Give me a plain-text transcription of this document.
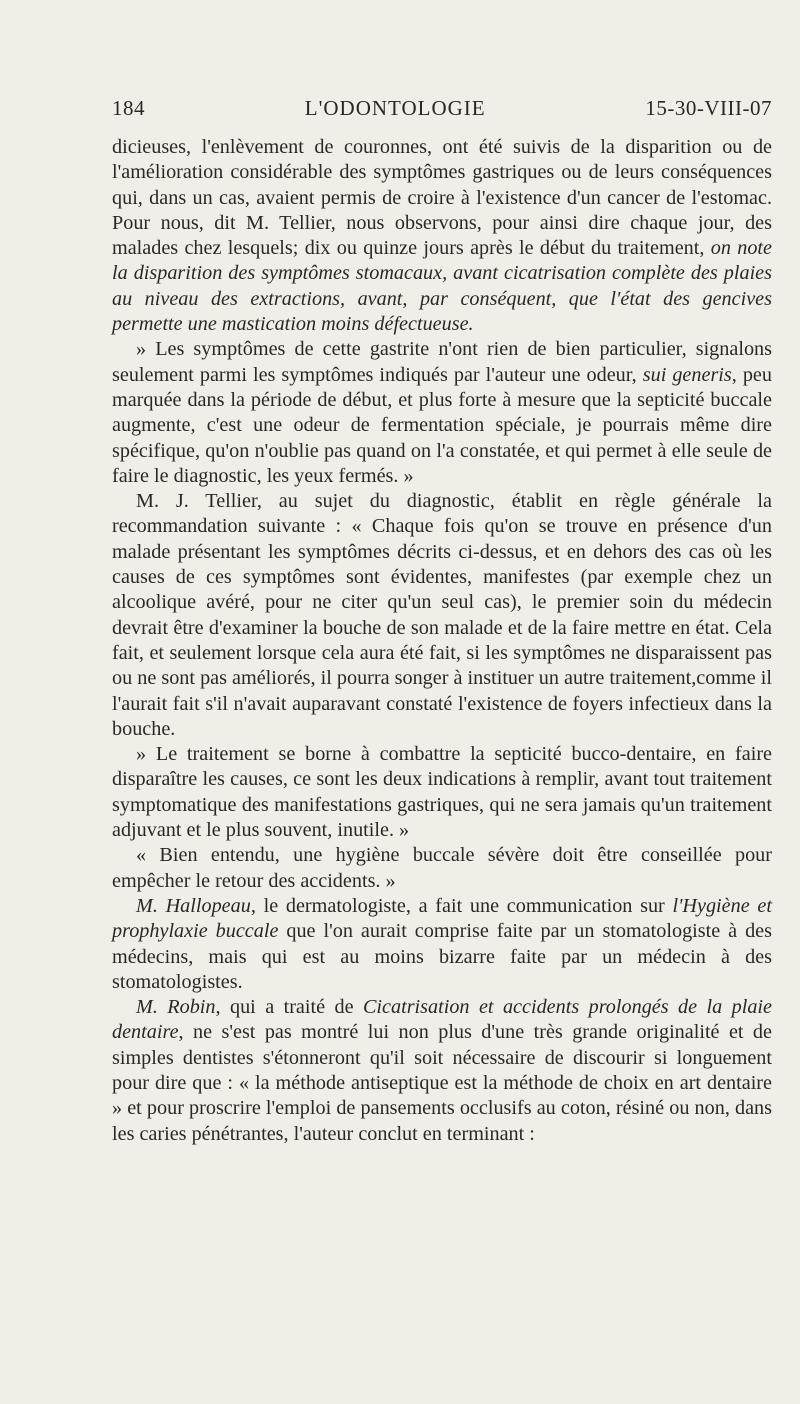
184	L'ODONTOLOGIE	15-30-VIII-07

dicieuses, l'enlèvement de couronnes, ont été suivis de la disparition ou de l'amélioration considérable des symptômes gastriques ou de leurs conséquences qui, dans un cas, avaient permis de croire à l'existence d'un cancer de l'estomac. Pour nous, dit M. Tellier, nous observons, pour ainsi dire chaque jour, des malades chez lesquels; dix ou quinze jours après le début du traitement, on note la disparition des symptômes stomacaux, avant cicatrisation complète des plaies au niveau des extractions, avant, par conséquent, que l'état des gencives permette une mastication moins défectueuse.

» Les symptômes de cette gastrite n'ont rien de bien particulier, signalons seulement parmi les symptômes indiqués par l'auteur une odeur, sui generis, peu marquée dans la période de début, et plus forte à mesure que la septicité buccale augmente, c'est une odeur de fermentation spéciale, je pourrais même dire spécifique, qu'on n'oublie pas quand on l'a constatée, et qui permet à elle seule de faire le diagnostic, les yeux fermés. »

M. J. Tellier, au sujet du diagnostic, établit en règle générale la recommandation suivante : « Chaque fois qu'on se trouve en présence d'un malade présentant les symptômes décrits ci-dessus, et en dehors des cas où les causes de ces symptômes sont évidentes, manifestes (par exemple chez un alcoolique avéré, pour ne citer qu'un seul cas), le premier soin du médecin devrait être d'examiner la bouche de son malade et de la faire mettre en état. Cela fait, et seulement lorsque cela aura été fait, si les symptômes ne disparaissent pas ou ne sont pas améliorés, il pourra songer à instituer un autre traitement,comme il l'aurait fait s'il n'avait auparavant constaté l'existence de foyers infectieux dans la bouche.

» Le traitement se borne à combattre la septicité bucco-dentaire, en faire disparaître les causes, ce sont les deux indications à remplir, avant tout traitement symptomatique des manifestations gastriques, qui ne sera jamais qu'un traitement adjuvant et le plus souvent, inutile. »

« Bien entendu, une hygiène buccale sévère doit être conseillée pour empêcher le retour des accidents. »

M. Hallopeau, le dermatologiste, a fait une communication sur l'Hygiène et prophylaxie buccale que l'on aurait comprise faite par un stomatologiste à des médecins, mais qui est au moins bizarre faite par un médecin à des stomatologistes.

M. Robin, qui a traité de Cicatrisation et accidents prolongés de la plaie dentaire, ne s'est pas montré lui non plus d'une très grande originalité et de simples dentistes s'étonneront qu'il soit nécessaire de discourir si longuement pour dire que : « la méthode antiseptique est la méthode de choix en art dentaire » et pour proscrire l'emploi de pansements occlusifs au coton, résiné ou non, dans les caries pénétrantes, l'auteur conclut en terminant :
